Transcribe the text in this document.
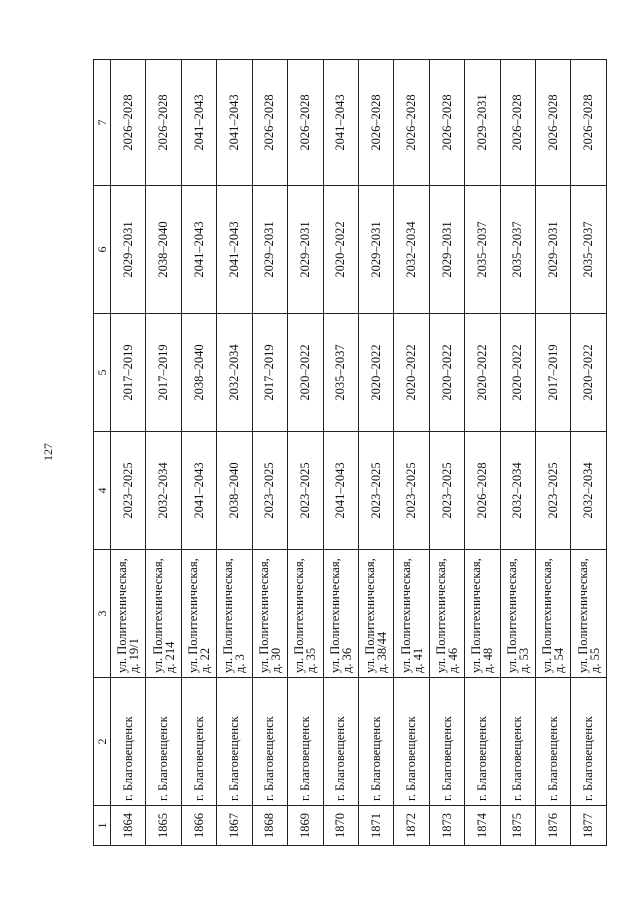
127
1	2	3	4	5	6	7
1864	г. Благовещенск	ул. Политехническая,
д. 19/1	2023–2025	2017–2019	2029–2031	2026–2028
1865	г. Благовещенск	ул. Политехническая,
д. 214	2032–2034	2017–2019	2038–2040	2026–2028
1866	г. Благовещенск	ул. Политехническая,
д. 22	2041–2043	2038–2040	2041–2043	2041–2043
1867	г. Благовещенск	ул. Политехническая,
д. 3	2038–2040	2032–2034	2041–2043	2041–2043
1868	г. Благовещенск	ул. Политехническая,
д. 30	2023–2025	2017–2019	2029–2031	2026–2028
1869	г. Благовещенск	ул. Политехническая,
д. 35	2023–2025	2020–2022	2029–2031	2026–2028
1870	г. Благовещенск	ул. Политехническая,
д. 36	2041–2043	2035–2037	2020–2022	2041–2043
1871	г. Благовещенск	ул. Политехническая,
д. 38/44	2023–2025	2020–2022	2029–2031	2026–2028
1872	г. Благовещенск	ул. Политехническая,
д. 41	2023–2025	2020–2022	2032–2034	2026–2028
1873	г. Благовещенск	ул. Политехническая,
д. 46	2023–2025	2020–2022	2029–2031	2026–2028
1874	г. Благовещенск	ул. Политехническая,
д. 48	2026–2028	2020–2022	2035–2037	2029–2031
1875	г. Благовещенск	ул. Политехническая,
д. 53	2032–2034	2020–2022	2035–2037	2026–2028
1876	г. Благовещенск	ул. Политехническая,
д. 54	2023–2025	2017–2019	2029–2031	2026–2028
1877	г. Благовещенск	ул. Политехническая,
д. 55	2032–2034	2020–2022	2035–2037	2026–2028
